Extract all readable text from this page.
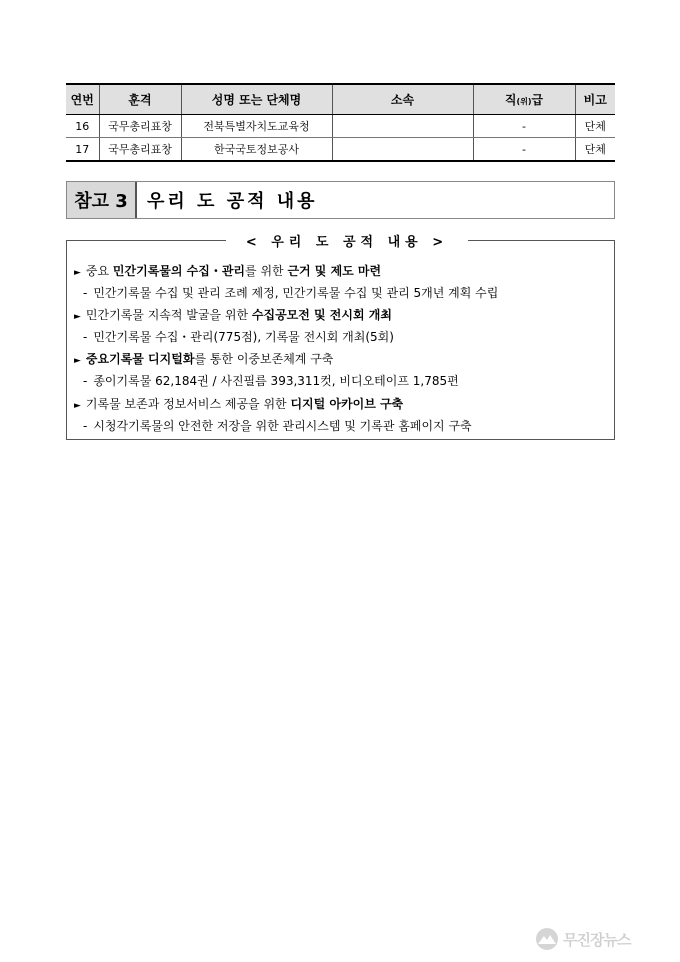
연번	훈격	성명 또는 단체명	소속	직(위)급	비고
16	국무총리표창	전북특별자치도교육청		-	단체
17	국무총리표창	한국국토정보공사		-	단체
참고 3	우리 도 공적 내용
< 우리 도 공적 내용 >
► 중요 민간기록물의 수집・관리를 위한 근거 및 제도 마련
- 민간기록물 수집 및 관리 조례 제정, 민간기록물 수집 및 관리 5개년 계획 수립
► 민간기록물 지속적 발굴을 위한 수집공모전 및 전시회 개최
- 민간기록물 수집・관리(775점), 기록물 전시회 개최(5회)
► 중요기록물 디지털화를 통한 이중보존체계 구축
- 종이기록물 62,184권 / 사진필름 393,311컷, 비디오테이프 1,785편
► 기록물 보존과 정보서비스 제공을 위한 디지털 아카이브 구축
- 시청각기록물의 안전한 저장을 위한 관리시스템 및 기록관 홈페이지 구축
무진장뉴스
